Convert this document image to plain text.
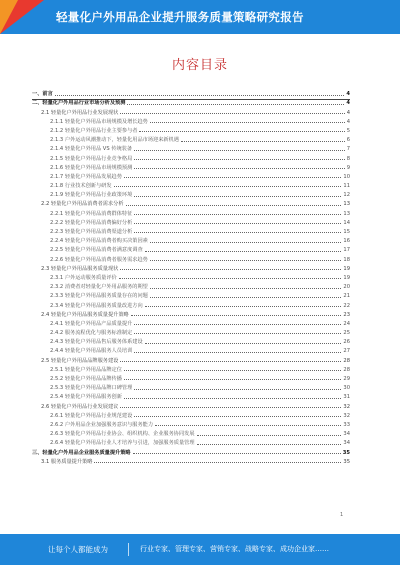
轻量化户外用品企业提升服务质量策略研究报告
内容目录
一、前言	4
二、轻量化户外用品行业市场分析及预测	4
2.1 轻量化户外用品行业发展现状	4
2.1.1 轻量化户外用品市场规模及增长趋势	4
2.1.2 轻量化户外用品行业主要参与者	5
2.1.3 户外运动风潮推动下，轻量化用品市场迎来新机遇	6
2.1.4 轻量化户外用品 VS 传统装备	7
2.1.5 轻量化户外用品行业竞争格局	8
2.1.6 轻量化户外用品市场规模预测	9
2.1.7 轻量化户外用品发展趋势	10
2.1.8 行业技术创新与研发	11
2.1.9 轻量化户外用品行业政策环境	12
2.2 轻量化户外用品消费者需求分析	13
2.2.1 轻量化户外用品消费群体特征	13
2.2.2 轻量化户外用品消费偏好分析	14
2.2.3 轻量化户外用品消费渠道分析	15
2.2.4 轻量化户外用品消费者购买决策因素	16
2.2.5 轻量化户外用品消费者满意度调查	17
2.2.6 轻量化户外用品消费者服务需求趋势	18
2.3 轻量化户外用品服务质量现状	19
2.3.1 户外运动服务质量评价	19
2.3.2 消费者对轻量化户外用品服务的期望	20
2.3.3 轻量化户外用品服务质量存在的问题	21
2.3.4 轻量化户外用品服务质量改进方向	22
2.4 轻量化户外用品服务质量提升策略	23
2.4.1 轻量化户外用品产品质量提升	24
2.4.2 服务流程优化与服务标准制定	25
2.4.3 轻量化户外用品售后服务体系建设	26
2.4.4 轻量化户外用品服务人员培训	27
2.5 轻量化户外用品品牌服务建设	28
2.5.1 轻量化户外用品品牌定位	28
2.5.2 轻量化户外用品品牌传播	29
2.5.3 轻量化户外用品品牌口碑管理	30
2.5.4 轻量化户外用品服务创新	31
2.6 轻量化户外用品行业发展建议	32
2.6.1 轻量化户外用品行业规范建设	32
2.6.2 户外用品企业加强服务意识与服务能力	33
2.6.3 轻量化户外用品行业协会、组织机构、企业服务协同发展	34
2.6.4 轻量化户外用品行业人才培养与引进，加强服务质量管理	34
三、轻量化户外用品企业服务质量提升策略	35
3.1 服务质量提升策略	35
1
让每个人都能成为	行业专家、管理专家、营销专家、战略专家、成功企业家……
